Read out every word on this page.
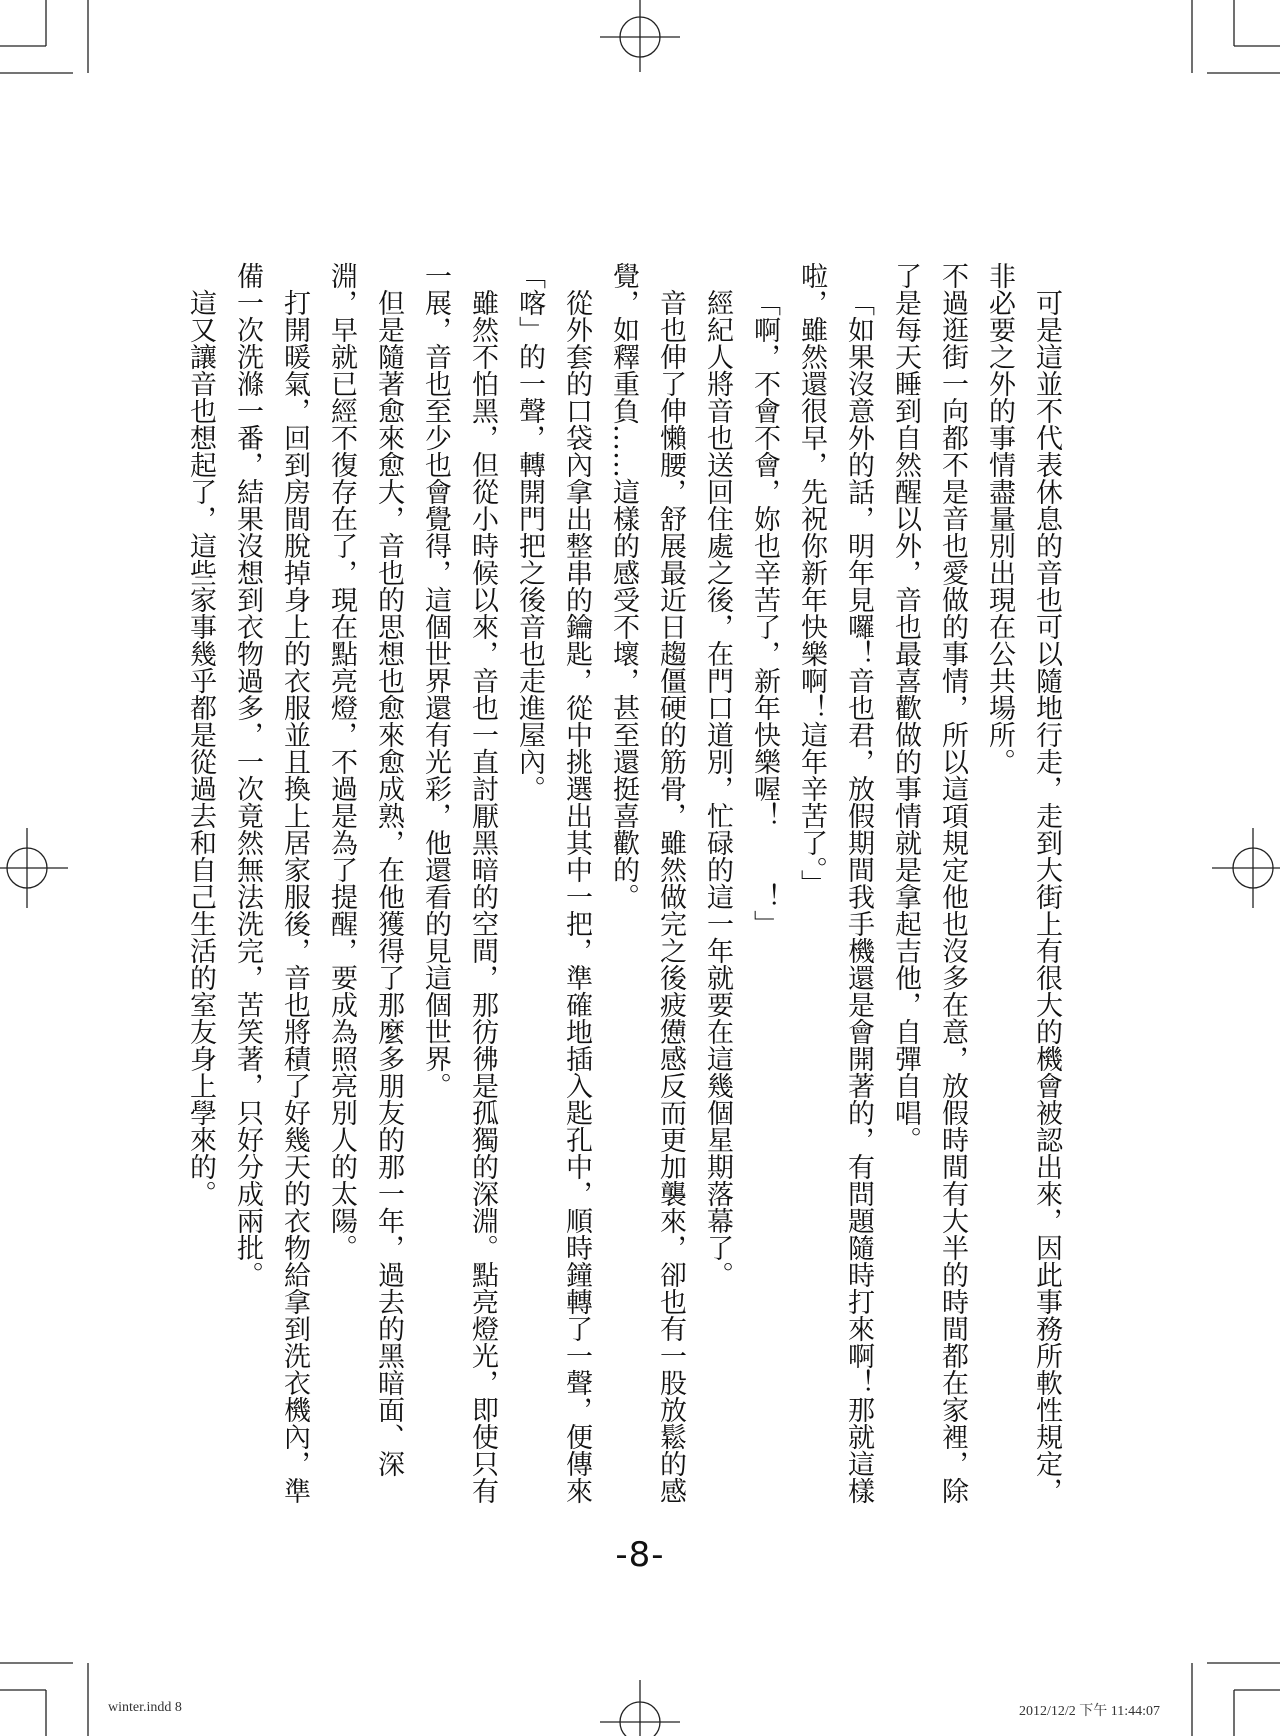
可是這並不代表休息的音也可以隨地行走，走到大街上有很大的機會被認出來，因此事務所軟性規定，非必要之外的事情盡量別出現在公共場所。

不過逛街一向都不是音也愛做的事情，所以這項規定他也沒多在意，放假時間有大半的時間都在家裡，除了是每天睡到自然醒以外，音也最喜歡做的事情就是拿起吉他，自彈自唱。

「如果沒意外的話，明年見囉！音也君，放假期間我手機還是會開著的，有問題隨時打來啊！那就這樣啦，雖然還很早，先祝你新年快樂啊！這年辛苦了。」

「啊，不會不會，妳也辛苦了，新年快樂喔！　　！」

經紀人將音也送回住處之後，在門口道別，忙碌的這一年就要在這幾個星期落幕了。

音也伸了伸懶腰，舒展最近日趨僵硬的筋骨，雖然做完之後疲憊感反而更加襲來，卻也有一股放鬆的感覺，如釋重負……這樣的感受不壞，甚至還挺喜歡的。

從外套的口袋內拿出整串的鑰匙，從中挑選出其中一把，準確地插入匙孔中，順時鐘轉了一聲，便傳來「喀」的一聲，轉開門把之後音也走進屋內。

雖然不怕黑，但從小時候以來，音也一直討厭黑暗的空間，那彷彿是孤獨的深淵。點亮燈光，即使只有一展，音也至少也會覺得，這個世界還有光彩，他還看的見這個世界。

但是隨著愈來愈大，音也的思想也愈來愈成熟，在他獲得了那麼多朋友的那一年，過去的黑暗面、深淵，早就已經不復存在了，現在點亮燈，不過是為了提醒，要成為照亮別人的太陽。

打開暖氣，回到房間脫掉身上的衣服並且換上居家服後，音也將積了好幾天的衣物給拿到洗衣機內，準備一次洗滌一番，結果沒想到衣物過多，一次竟然無法洗完，苦笑著，只好分成兩批。

這又讓音也想起了，這些家事幾乎都是從過去和自己生活的室友身上學來的。

-8-
winter.indd 8	2012/12/2 下午 11:44:07
